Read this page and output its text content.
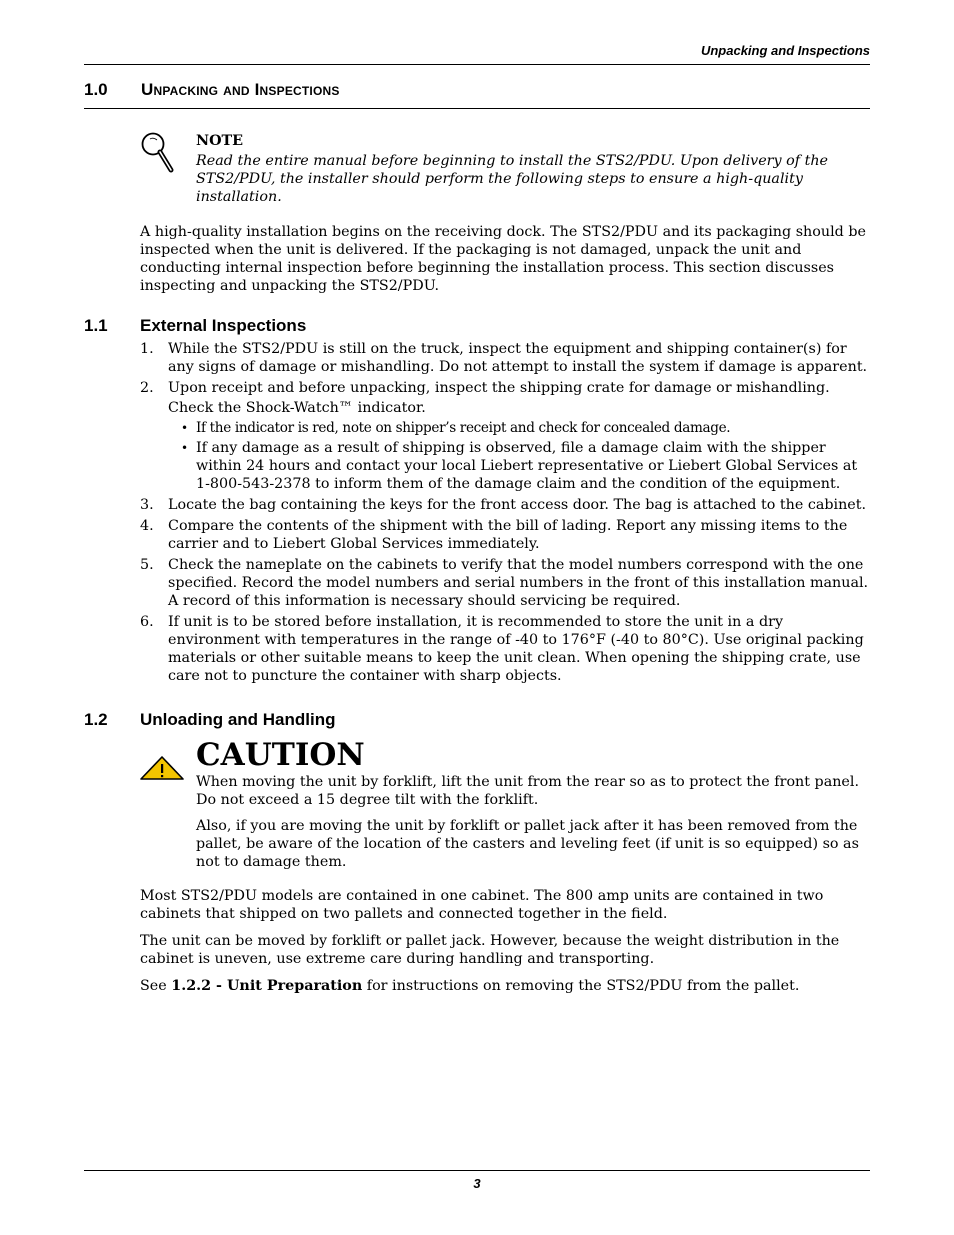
Unpacking and Inspections
1.0 Unpacking and Inspections
NOTE
Read the entire manual before beginning to install the STS2/PDU. Upon delivery of the STS2/PDU, the installer should perform the following steps to ensure a high-quality installation.

A high-quality installation begins on the receiving dock. The STS2/PDU and its packaging should be inspected when the unit is delivered. If the packaging is not damaged, unpack the unit and conducting internal inspection before beginning the installation process. This section discusses inspecting and unpacking the STS2/PDU.

1.1 External Inspections
1. While the STS2/PDU is still on the truck, inspect the equipment and shipping container(s) for any signs of damage or mishandling. Do not attempt to install the system if damage is apparent.
2. Upon receipt and before unpacking, inspect the shipping crate for damage or mishandling.
Check the Shock-Watch™ indicator.
• If the indicator is red, note on shipper’s receipt and check for concealed damage.
• If any damage as a result of shipping is observed, file a damage claim with the shipper within 24 hours and contact your local Liebert representative or Liebert Global Services at 1-800-543-2378 to inform them of the damage claim and the condition of the equipment.
3. Locate the bag containing the keys for the front access door. The bag is attached to the cabinet.
4. Compare the contents of the shipment with the bill of lading. Report any missing items to the carrier and to Liebert Global Services immediately.
5. Check the nameplate on the cabinets to verify that the model numbers correspond with the one specified. Record the model numbers and serial numbers in the front of this installation manual. A record of this information is necessary should servicing be required.
6. If unit is to be stored before installation, it is recommended to store the unit in a dry environment with temperatures in the range of -40 to 176°F (-40 to 80°C). Use original packing materials or other suitable means to keep the unit clean. When opening the shipping crate, use care not to puncture the container with sharp objects.
1.2 Unloading and Handling
CAUTION

When moving the unit by forklift, lift the unit from the rear so as to protect the front panel. Do not exceed a 15 degree tilt with the forklift.

Also, if you are moving the unit by forklift or pallet jack after it has been removed from the pallet, be aware of the location of the casters and leveling feet (if unit is so equipped) so as not to damage them.

Most STS2/PDU models are contained in one cabinet. The 800 amp units are contained in two cabinets that shipped on two pallets and connected together in the field.

The unit can be moved by forklift or pallet jack. However, because the weight distribution in the cabinet is uneven, use extreme care during handling and transporting.

See 1.2.2 - Unit Preparation for instructions on removing the STS2/PDU from the pallet.

3
